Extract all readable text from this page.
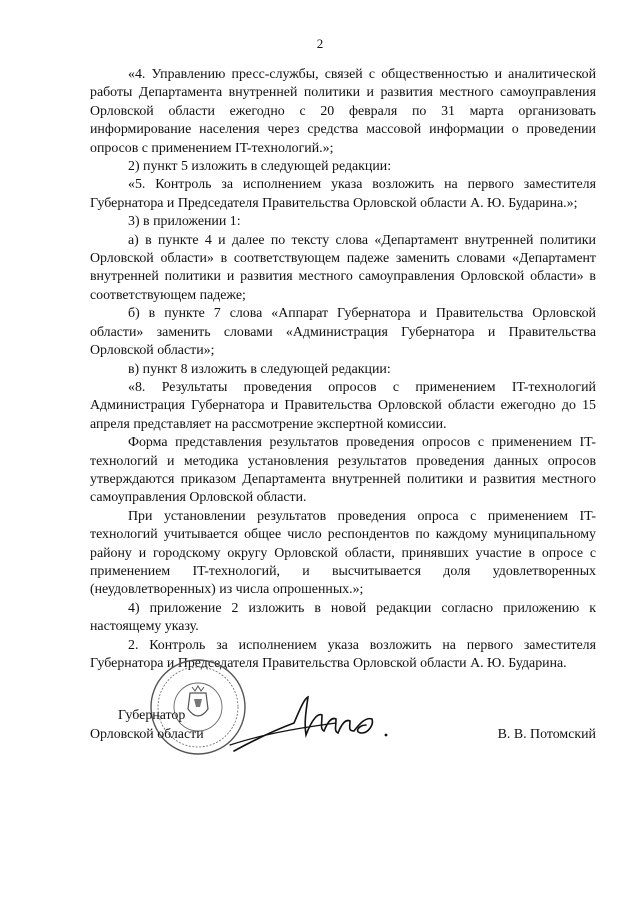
2

«4. Управлению пресс-службы, связей с общественностью и аналитической работы Департамента внутренней политики и развития местного самоуправления Орловской области ежегодно с 20 февраля по 31 марта организовать информирование населения через средства массовой информации о проведении опросов с применением IT-технологий.»;

2) пункт 5 изложить в следующей редакции:

«5. Контроль за исполнением указа возложить на первого заместителя Губернатора и Председателя Правительства Орловской области А. Ю. Бударина.»;

3) в приложении 1:

а) в пункте 4 и далее по тексту слова «Департамент внутренней политики Орловской области» в соответствующем падеже заменить словами «Департамент внутренней политики и развития местного самоуправления Орловской области» в соответствующем падеже;

б) в пункте 7 слова «Аппарат Губернатора и Правительства Орловской области» заменить словами «Администрация Губернатора и Правительства Орловской области»;

в) пункт 8 изложить в следующей редакции:

«8. Результаты проведения опросов с применением IT-технологий Администрация Губернатора и Правительства Орловской области ежегодно до 15 апреля представляет на рассмотрение экспертной комиссии.

Форма представления результатов проведения опросов с применением IT-технологий и методика установления результатов проведения данных опросов утверждаются приказом Департамента внутренней политики и развития местного самоуправления Орловской области.

При установлении результатов проведения опроса с применением IT-технологий учитывается общее число респондентов по каждому муниципальному району и городскому округу Орловской области, принявших участие в опросе с применением IT-технологий, и высчитывается доля удовлетворенных (неудовлетворенных) из числа опрошенных.»;

4) приложение 2 изложить в новой редакции согласно приложению к настоящему указу.

2. Контроль за исполнением указа возложить на первого заместителя Губернатора и Председателя Правительства Орловской области А. Ю. Бударина.

Губернатор
Орловской области	В. В. Потомский
